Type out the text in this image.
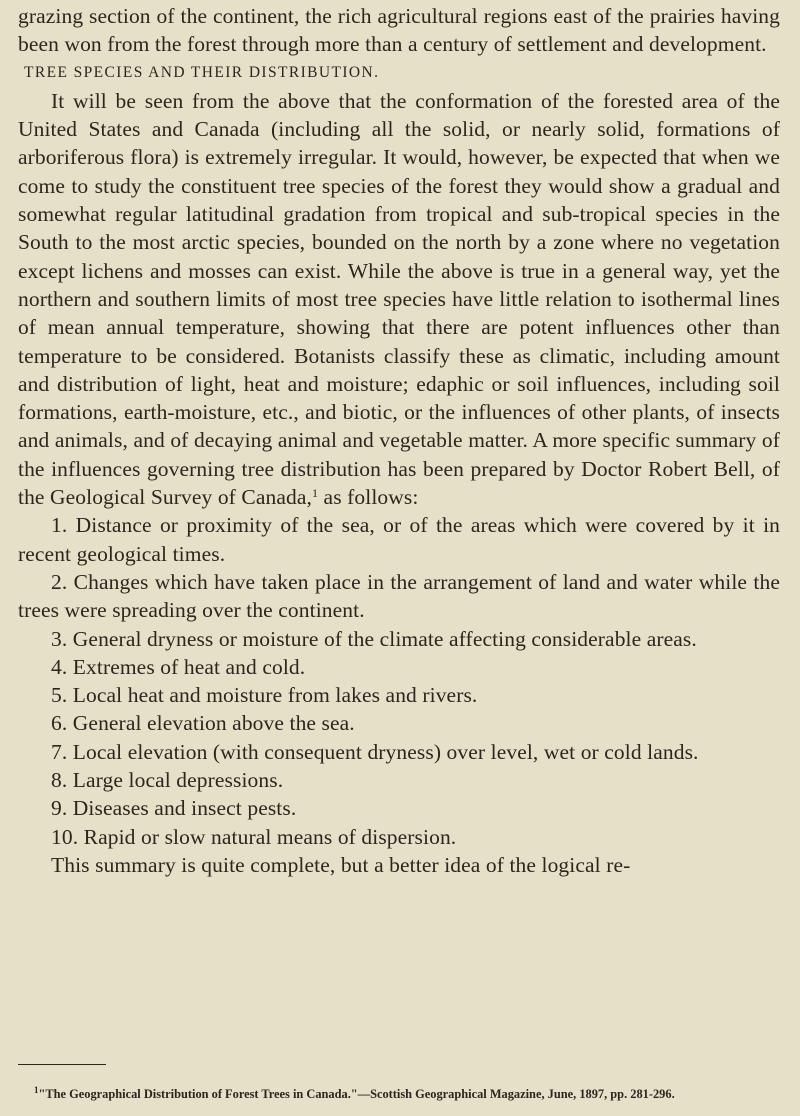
grazing section of the continent, the rich agricultural regions east of the prairies having been won from the forest through more than a century of settlement and development.

TREE SPECIES AND THEIR DISTRIBUTION.

It will be seen from the above that the conformation of the forested area of the United States and Canada (including all the solid, or nearly solid, formations of arboriferous flora) is extremely irregular. It would, however, be expected that when we come to study the constituent tree species of the forest they would show a gradual and somewhat regular latitudinal gradation from tropical and sub-tropical species in the South to the most arctic species, bounded on the north by a zone where no vegetation except lichens and mosses can exist. While the above is true in a general way, yet the northern and southern limits of most tree species have little relation to isothermal lines of mean annual temperature, showing that there are potent influences other than temperature to be considered. Botanists classify these as climatic, including amount and distribution of light, heat and moisture; edaphic or soil influences, including soil formations, earth-moisture, etc., and biotic, or the influences of other plants, of insects and animals, and of decaying animal and vegetable matter. A more specific summary of the influences governing tree distribution has been prepared by Doctor Robert Bell, of the Geological Survey of Canada,$^1$ as follows:

1. Distance or proximity of the sea, or of the areas which were covered by it in recent geological times.

2. Changes which have taken place in the arrangement of land and water while the trees were spreading over the continent.

3. General dryness or moisture of the climate affecting considerable areas.

4. Extremes of heat and cold.

5. Local heat and moisture from lakes and rivers.

6. General elevation above the sea.

7. Local elevation (with consequent dryness) over level, wet or cold lands.

8. Large local depressions.

9. Diseases and insect pests.

10. Rapid or slow natural means of dispersion.

This summary is quite complete, but a better idea of the logical re-

$^1$"The Geographical Distribution of Forest Trees in Canada."—Scottish Geographical Magazine, June, 1897, pp. 281-296.
